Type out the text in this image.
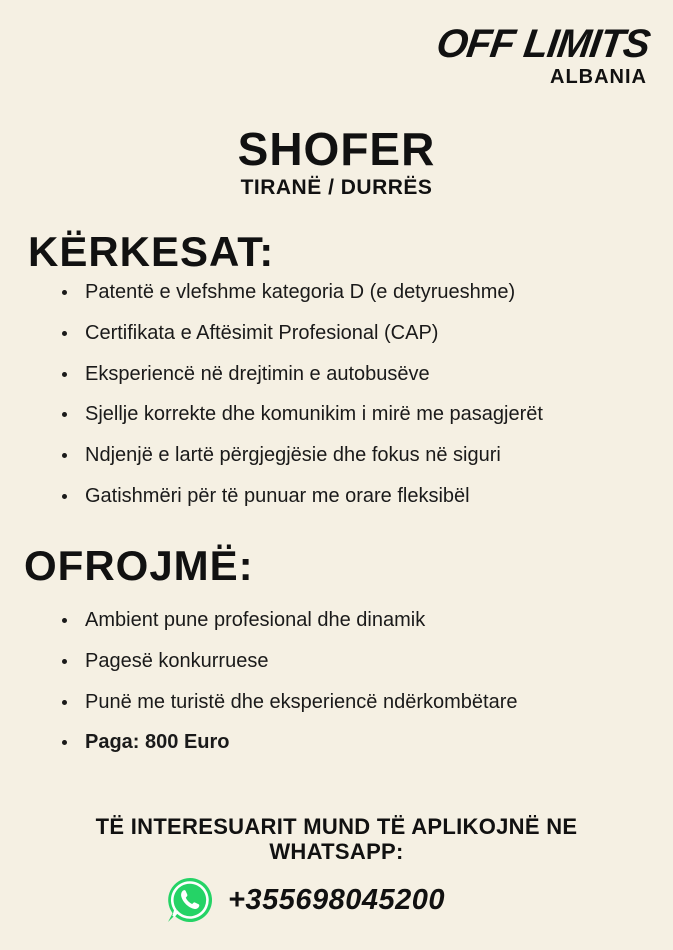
OFF LIMITS
ALBANIA
SHOFER
TIRANË / DURRËS
KËRKESAT:
Patentë e vlefshme kategoria D (e detyrueshme)
Certifikata e Aftësimit Profesional (CAP)
Eksperiencë në drejtimin e autobusëve
Sjellje korrekte dhe komunikim i mirë me pasagjerët
Ndjenjë e lartë përgjegjësie dhe fokus në siguri
Gatishmëri për të punuar me orare fleksibël
OFROJMË:
Ambient pune profesional dhe dinamik
Pagesë konkurruese
Punë me turistë dhe eksperiencë ndërkombëtare
Paga: 800 Euro
TË INTERESUARIT MUND TË APLIKOJNË NE
WHATSAPP:
+355698045200
